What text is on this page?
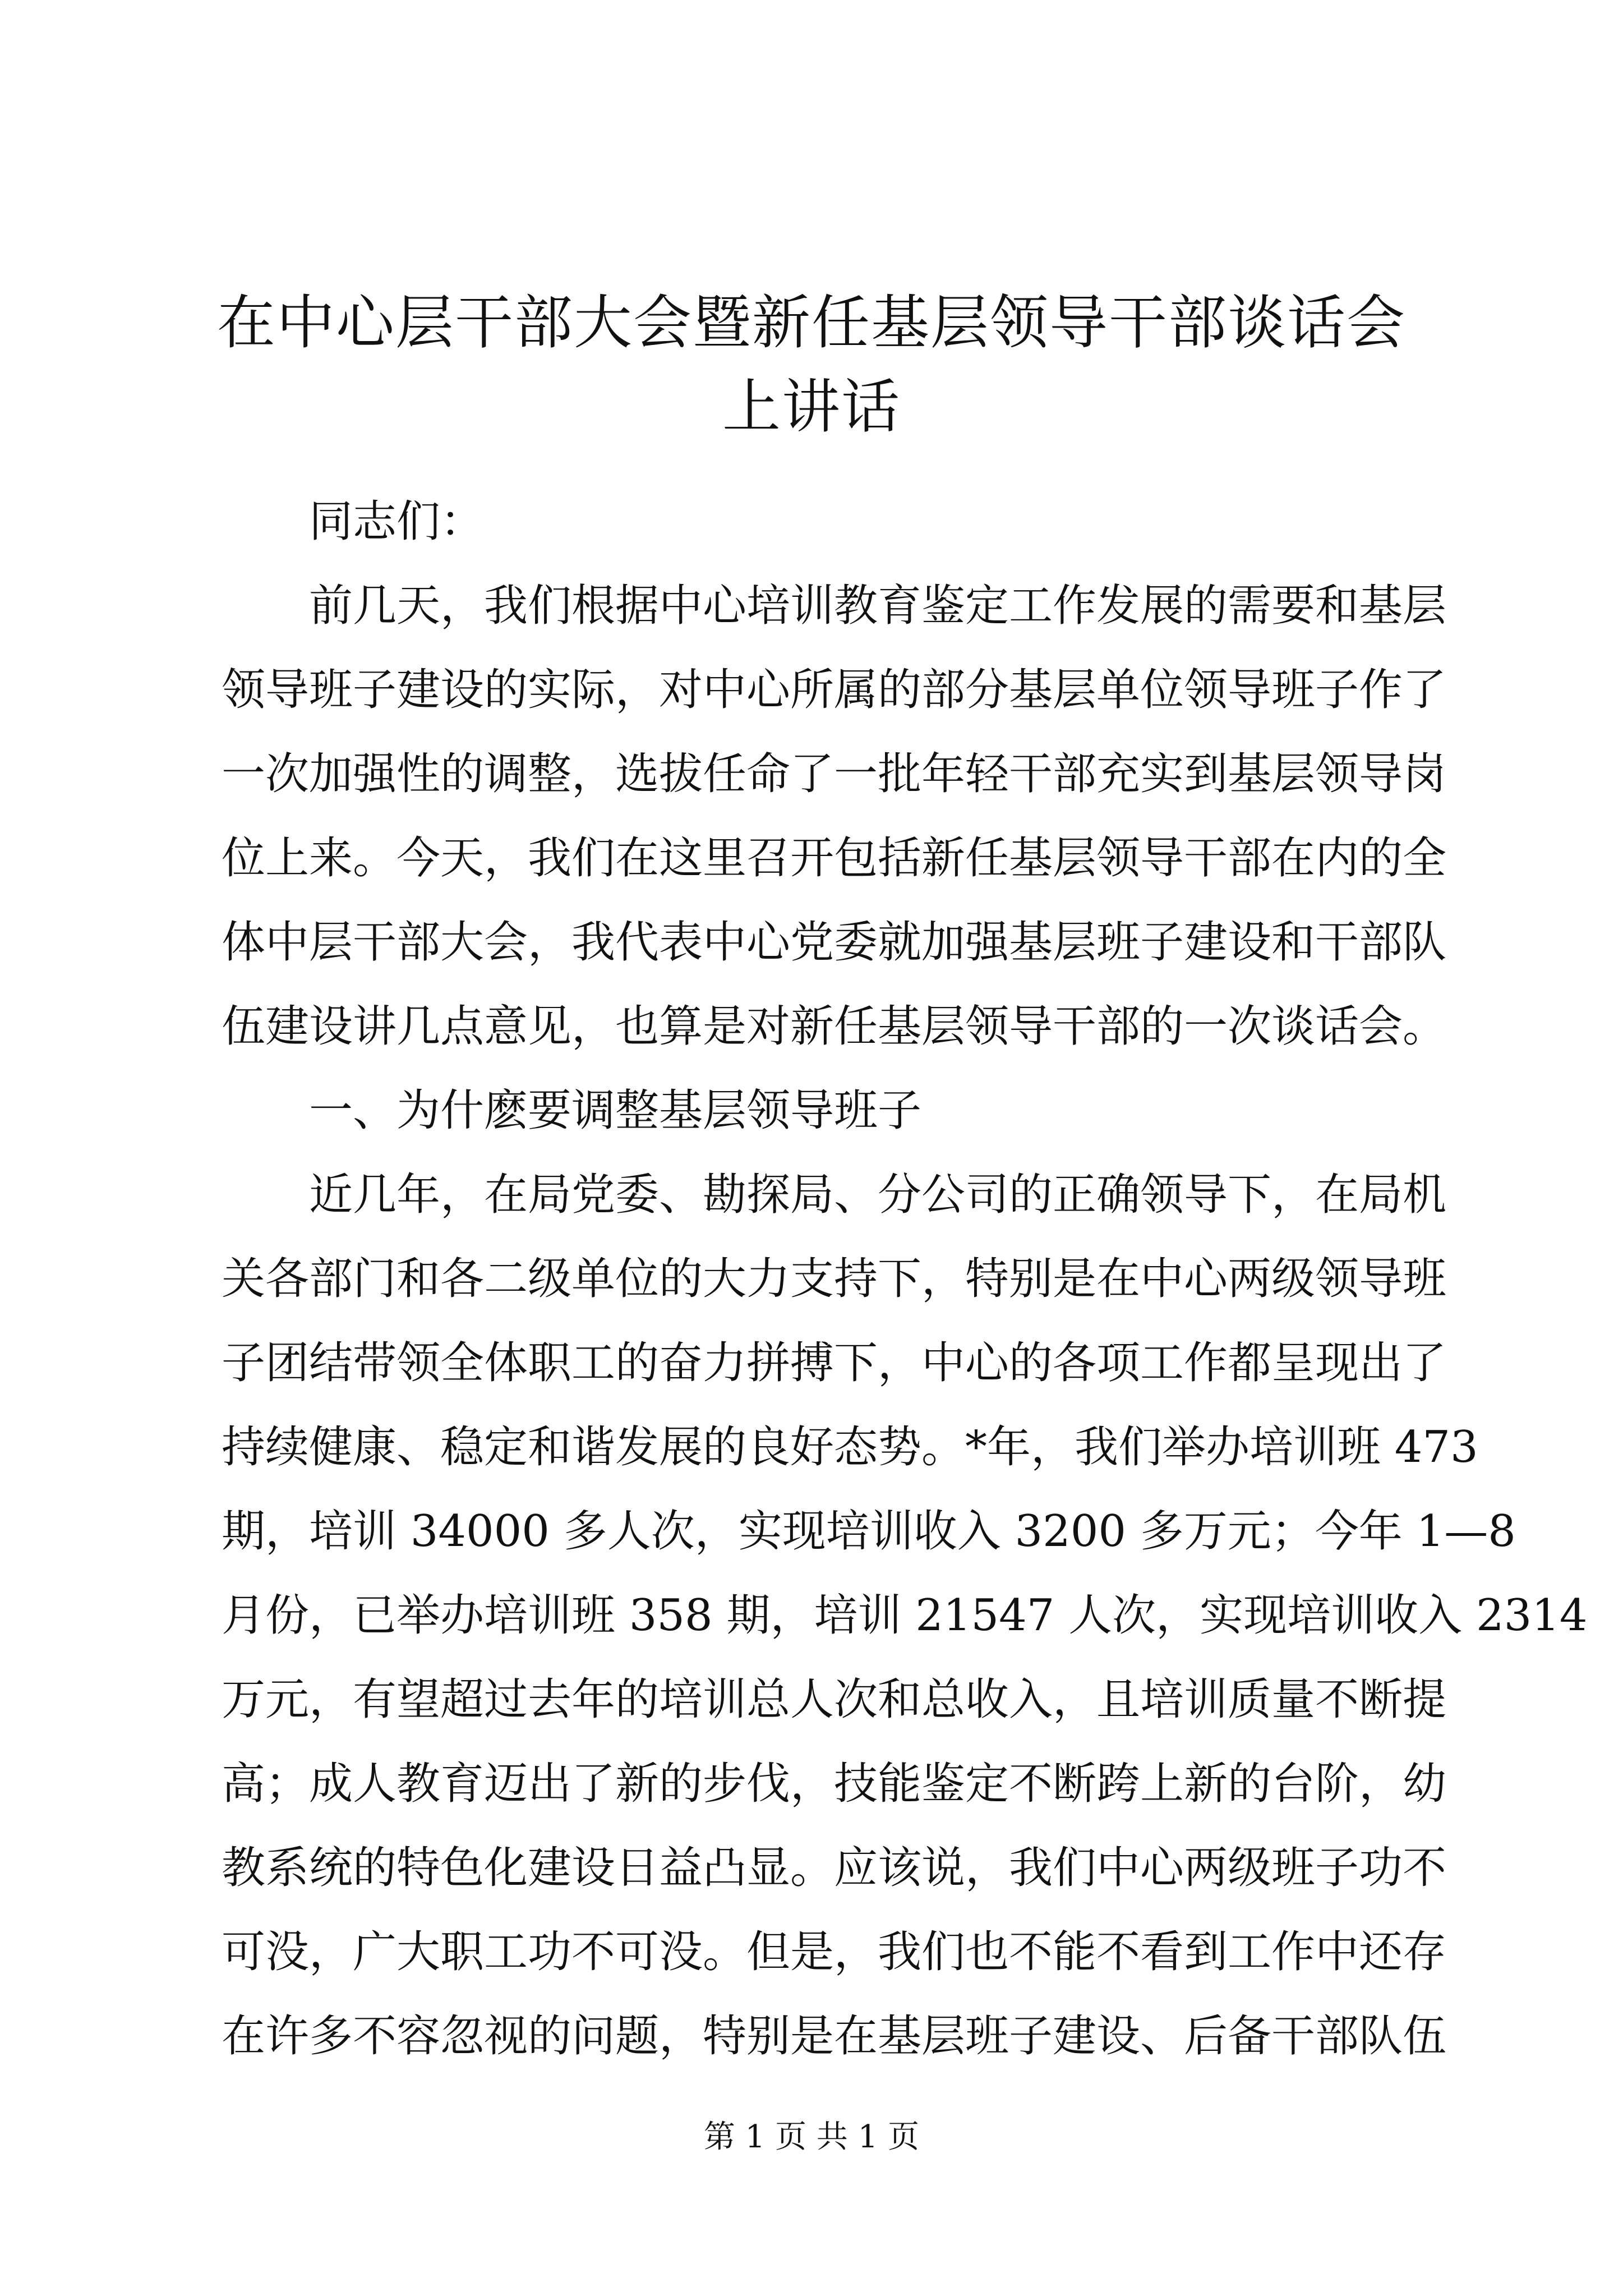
在中心层干部大会暨新任基层领导干部谈话会
上讲话
同志们：
前几天，我们根据中心培训教育鉴定工作发展的需要和基层
领导班子建设的实际，对中心所属的部分基层单位领导班子作了
一次加强性的调整，选拔任命了一批年轻干部充实到基层领导岗
位上来。今天，我们在这里召开包括新任基层领导干部在内的全
体中层干部大会，我代表中心党委就加强基层班子建设和干部队
伍建设讲几点意见，也算是对新任基层领导干部的一次谈话会。
一、为什麽要调整基层领导班子
近几年，在局党委、勘探局、分公司的正确领导下，在局机
关各部门和各二级单位的大力支持下，特别是在中心两级领导班
子团结带领全体职工的奋力拼搏下，中心的各项工作都呈现出了
持续健康、稳定和谐发展的良好态势。*年，我们举办培训班 473
期，培训 34000 多人次，实现培训收入 3200 多万元；今年 1—8
月份，已举办培训班 358 期，培训 21547 人次，实现培训收入 2314
万元，有望超过去年的培训总人次和总收入，且培训质量不断提
高；成人教育迈出了新的步伐，技能鉴定不断跨上新的台阶，幼
教系统的特色化建设日益凸显。应该说，我们中心两级班子功不
可没，广大职工功不可没。但是，我们也不能不看到工作中还存
在许多不容忽视的问题，特别是在基层班子建设、后备干部队伍
第 1 页 共 1 页
